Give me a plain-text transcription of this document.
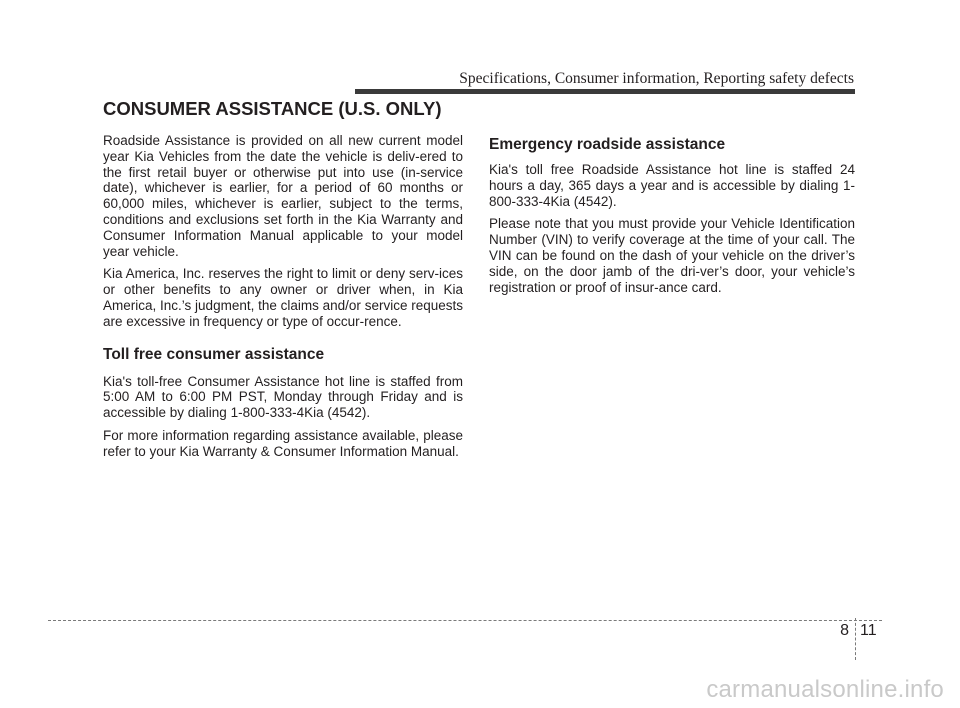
Specifications, Consumer information, Reporting safety defects
CONSUMER ASSISTANCE (U.S. ONLY)

Roadside Assistance is provided on all new current model year Kia Vehicles from the date the vehicle is deliv-ered to the first retail buyer or otherwise put into use (in-service date), whichever is earlier, for a period of 60 months or 60,000 miles, whichever is earlier, subject to the terms, conditions and exclusions set forth in the Kia Warranty and Consumer Information Manual applicable to your model year vehicle.

Kia America, Inc. reserves the right to limit or deny serv-ices or other benefits to any owner or driver when, in Kia America, Inc.’s judgment, the claims and/or service requests are excessive in frequency or type of occur-rence.

Toll free consumer assistance

Kia's toll-free Consumer Assistance hot line is staffed from 5:00 AM to 6:00 PM PST, Monday through Friday and is accessible by dialing 1-800-333-4Kia (4542).

For more information regarding assistance available, please refer to your Kia Warranty & Consumer Information Manual.

Emergency roadside assistance

Kia's toll free Roadside Assistance hot line is staffed 24 hours a day, 365 days a year and is accessible by dialing 1-800-333-4Kia (4542).

Please note that you must provide your Vehicle Identification Number (VIN) to verify coverage at the time of your call. The VIN can be found on the dash of your vehicle on the driver’s side, on the door jamb of the dri-ver’s door, your vehicle’s registration or proof of insur-ance card.

8 11
carmanualsonline.info
